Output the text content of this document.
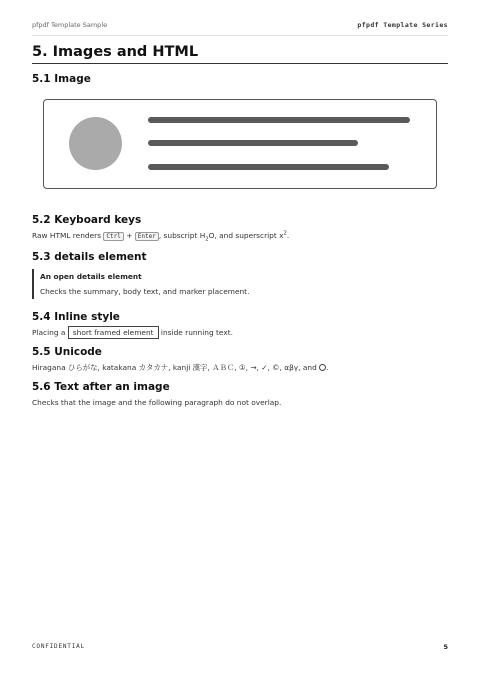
pfpdf Template Sample	pfpdf Template Series
5. Images and HTML
5.1 Image
5.2 Keyboard keys

Raw HTML renders Ctrl + Enter , subscript $H_2O$, and superscript $x^2$.

5.3 details element
An open details element
Checks the summary, body text, and marker placement.
5.4 Inline style

Placing a short framed element inside running text.

5.5 Unicode

Hiragana ひらがな, katakana カタカナ, kanji 漢字, ＡＢＣ, ①, →, ✓, ©, αβγ, and .

5.6 Text after an image

Checks that the image and the following paragraph do not overlap.

CONFIDENTIAL	5
